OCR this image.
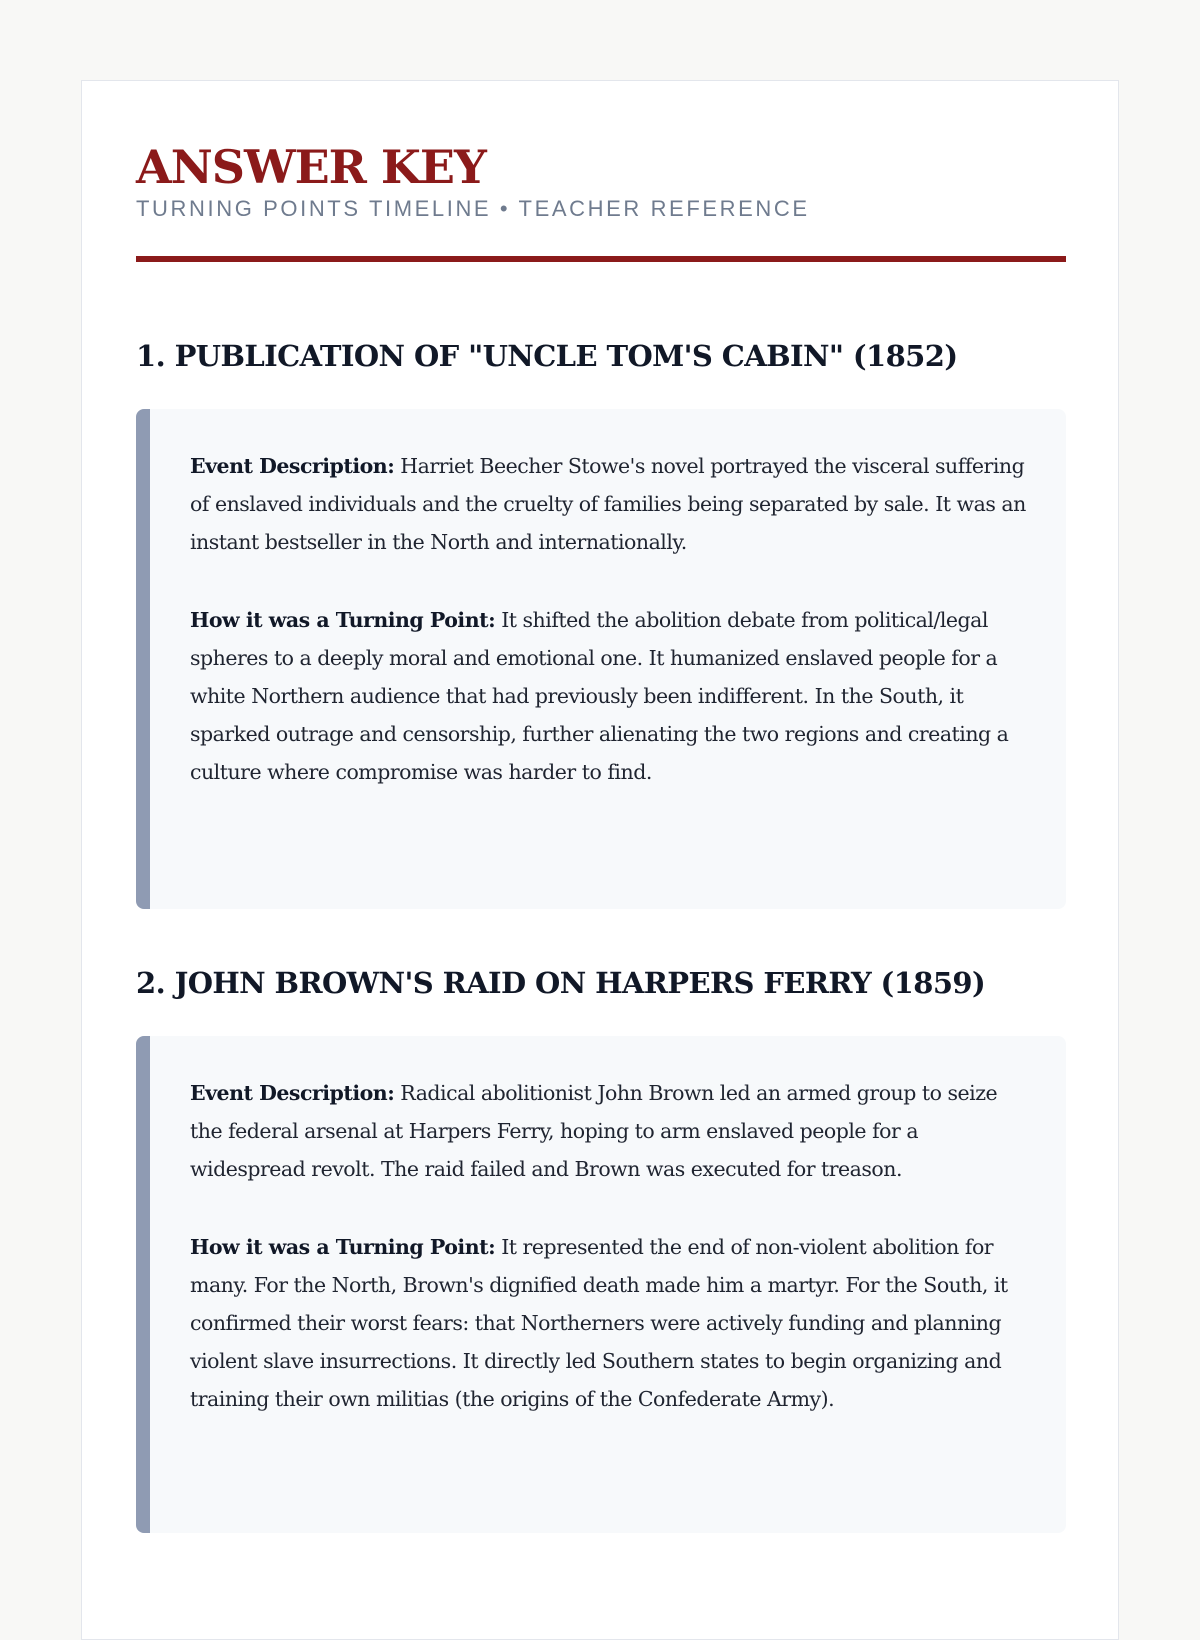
ANSWER KEY
TURNING POINTS TIMELINE • TEACHER REFERENCE
1. PUBLICATION OF "UNCLE TOM'S CABIN" (1852)

Event Description: Harriet Beecher Stowe's novel portrayed the visceral suffering of enslaved individuals and the cruelty of families being separated by sale. It was an instant bestseller in the North and internationally.

How it was a Turning Point: It shifted the abolition debate from political/legal spheres to a deeply moral and emotional one. It humanized enslaved people for a white Northern audience that had previously been indifferent. In the South, it sparked outrage and censorship, further alienating the two regions and creating a culture where compromise was harder to find.

2. JOHN BROWN'S RAID ON HARPERS FERRY (1859)

Event Description: Radical abolitionist John Brown led an armed group to seize the federal arsenal at Harpers Ferry, hoping to arm enslaved people for a widespread revolt. The raid failed and Brown was executed for treason.

How it was a Turning Point: It represented the end of non-violent abolition for many. For the North, Brown's dignified death made him a martyr. For the South, it confirmed their worst fears: that Northerners were actively funding and planning violent slave insurrections. It directly led Southern states to begin organizing and training their own militias (the origins of the Confederate Army).
